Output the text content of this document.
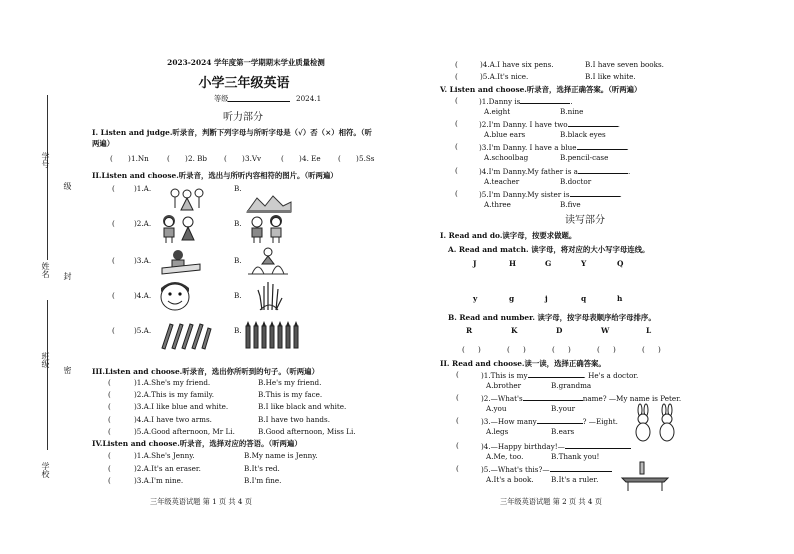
学号
级
姓名 封
班级
密
学校
2023-2024 学年度第一学期期末学业质量检测
小学三年级英语
等级	2024.1
听力部分
I. Listen and judge.听录音，判断下列字母与所听字母是（√）否（×）相符。（听
两遍）
( ) 1.Nn	( ) 2. Bb ( ) 3.Vv	( ) 4. Ee ( ) 5.Ss
II.Listen and choose.听录音，选出与所听内容相符的图片。（听两遍）
(	)1.A.	B.
(	)2.A.	B.
(	)3.A.	B.
(	)4.A.	B.
(	)5.A.	B.
III.Listen and choose.听录音，选出你所听到的句子。（听两遍）
(	)1.A.She's my friend.	B.He's my friend.
(	)2.A.This is my family.	B.This is my face.
(	)3.A.I like blue and white.	B.I like black and white.
(	)4.A.I have two arms.	B.I have two hands.
(	)5.A.Good afternoon, Mr Li.	B.Good afternoon, Miss Li.
IV.Listen and choose.听录音，选择对应的答语。（听两遍）
(	)1.A.She's Jenny.	B.My name is Jenny.
(	)2.A.It's an eraser.	B.It's red.
(	)3.A.I'm nine.	B.I'm fine.
三年级英语试题 第 1 页 共 4 页
(	)4.A.I have six pens.	B.I have seven books.
(	)5.A.It's nice.	B.I like white.
V. Listen and choose.听录音，选择正确答案。（听两遍）
(	)1.Danny is	.
A.eight	B.nine
(	)2.I'm Danny. I have two	.
A.blue ears	B.black eyes
(	)3.I'm Danny. I have a blue	.
A.schoolbag	B.pencil-case
(	)4.I'm Danny.My father is a	.
A.teacher	B.doctor
(	)5.I'm Danny.My sister is	.
A.three	B.five
读写部分
I. Read and do.读字母，按要求做题。
A. Read and match. 读字母，将对应的大小写字母连线。
J	H	G	Y	Q
y	g	j	q	h
B. Read and number. 读字母，按字母表顺序给字母排序。
R	K	D	W	L
( )	( )	( )	( )	( )
II. Read and choose.读一读，选择正确答案。
(	)1.This is my	. He's a doctor.
A.brother	B.grandma
(	)2.—What's	name? —My name is Peter.
A.you	B.your
(	)3.—How many	? —Eight.
A.legs	B.ears
(	)4.—Happy birthday!—
A.Me, too.	B.Thank you!
(	)5.—What's this?—
A.It's a book. B.It's a ruler.
三年级英语试题 第 2 页 共 4 页
